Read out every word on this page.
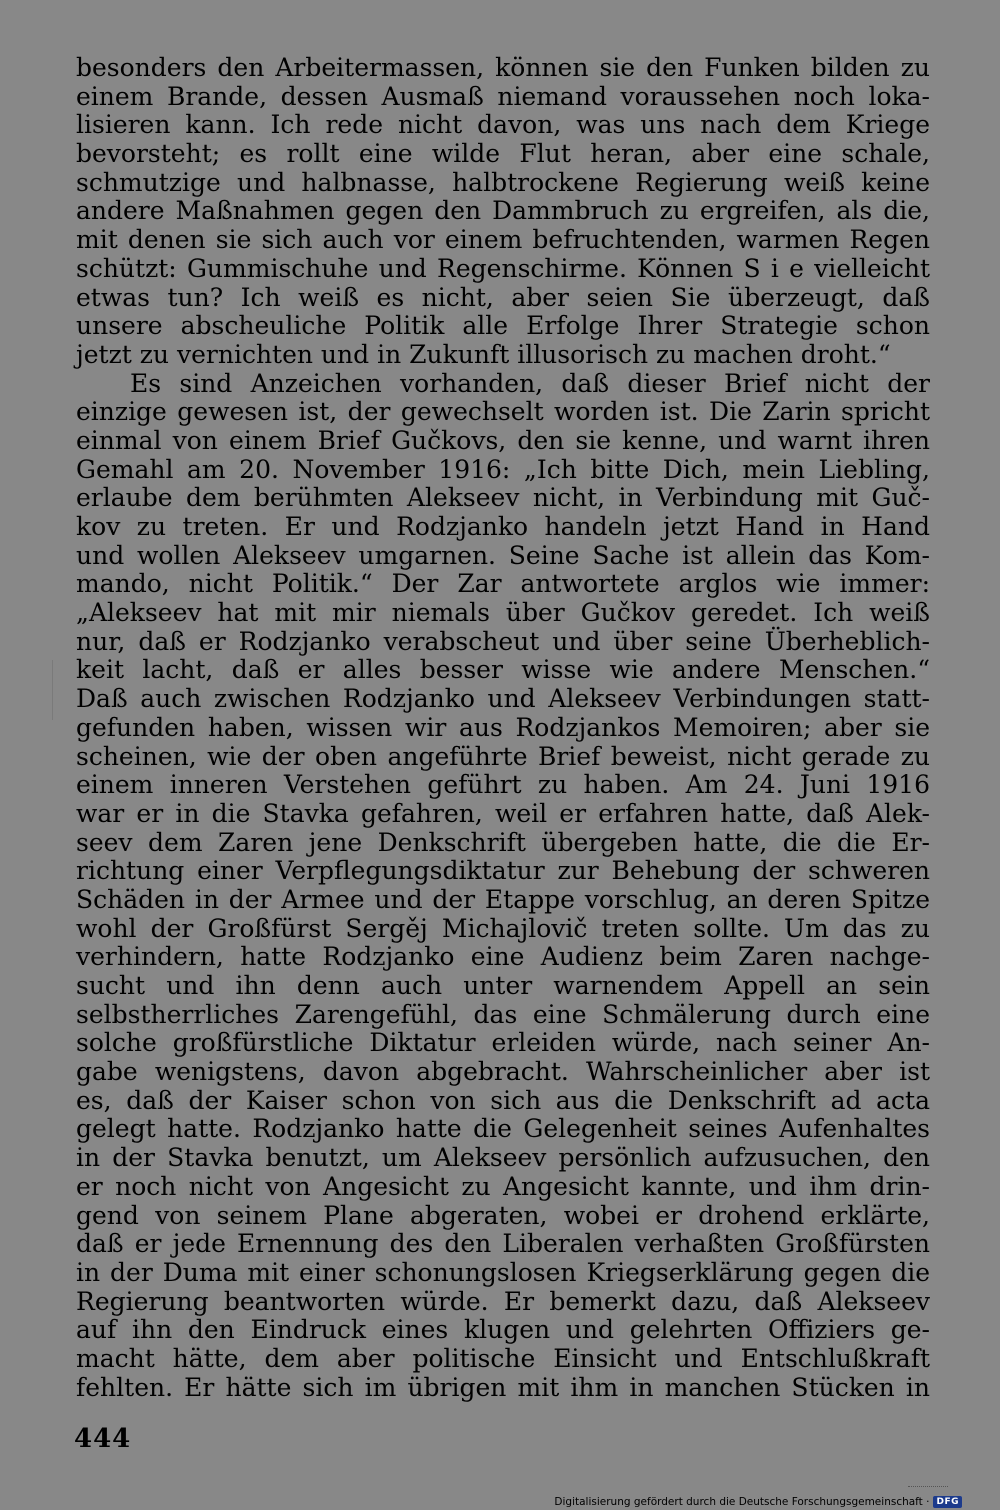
besonders den Arbeitermassen, können sie den Funken bilden zu
einem Brande, dessen Ausmaß niemand voraussehen noch loka-
lisieren kann. Ich rede nicht davon, was uns nach dem Kriege
bevorsteht; es rollt eine wilde Flut heran, aber eine schale,
schmutzige und halbnasse, halbtrockene Regierung weiß keine
andere Maßnahmen gegen den Dammbruch zu ergreifen, als die,
mit denen sie sich auch vor einem befruchtenden, warmen Regen
schützt: Gummischuhe und Regenschirme. Können S i e vielleicht
etwas tun? Ich weiß es nicht, aber seien Sie überzeugt, daß
unsere abscheuliche Politik alle Erfolge Ihrer Strategie schon
jetzt zu vernichten und in Zukunft illusorisch zu machen droht.“
Es sind Anzeichen vorhanden, daß dieser Brief nicht der
einzige gewesen ist, der gewechselt worden ist. Die Zarin spricht
einmal von einem Brief Gučkovs, den sie kenne, und warnt ihren
Gemahl am 20. November 1916: „Ich bitte Dich, mein Liebling,
erlaube dem berühmten Alekseev nicht, in Verbindung mit Guč-
kov zu treten. Er und Rodzjanko handeln jetzt Hand in Hand
und wollen Alekseev umgarnen. Seine Sache ist allein das Kom-
mando, nicht Politik.“ Der Zar antwortete arglos wie immer:
„Alekseev hat mit mir niemals über Gučkov geredet. Ich weiß
nur, daß er Rodzjanko verabscheut und über seine Überheblich-
keit lacht, daß er alles besser wisse wie andere Menschen.“
Daß auch zwischen Rodzjanko und Alekseev Verbindungen statt-
gefunden haben, wissen wir aus Rodzjankos Memoiren; aber sie
scheinen, wie der oben angeführte Brief beweist, nicht gerade zu
einem inneren Verstehen geführt zu haben. Am 24. Juni 1916
war er in die Stavka gefahren, weil er erfahren hatte, daß Alek-
seev dem Zaren jene Denkschrift übergeben hatte, die die Er-
richtung einer Verpflegungsdiktatur zur Behebung der schweren
Schäden in der Armee und der Etappe vorschlug, an deren Spitze
wohl der Großfürst Sergěj Michajlovič treten sollte. Um das zu
verhindern, hatte Rodzjanko eine Audienz beim Zaren nachge-
sucht und ihn denn auch unter warnendem Appell an sein
selbstherrliches Zarengefühl, das eine Schmälerung durch eine
solche großfürstliche Diktatur erleiden würde, nach seiner An-
gabe wenigstens, davon abgebracht. Wahrscheinlicher aber ist
es, daß der Kaiser schon von sich aus die Denkschrift ad acta
gelegt hatte. Rodzjanko hatte die Gelegenheit seines Aufenhaltes
in der Stavka benutzt, um Alekseev persönlich aufzusuchen, den
er noch nicht von Angesicht zu Angesicht kannte, und ihm drin-
gend von seinem Plane abgeraten, wobei er drohend erklärte,
daß er jede Ernennung des den Liberalen verhaßten Großfürsten
in der Duma mit einer schonungslosen Kriegserklärung gegen die
Regierung beantworten würde. Er bemerkt dazu, daß Alekseev
auf ihn den Eindruck eines klugen und gelehrten Offiziers ge-
macht hätte, dem aber politische Einsicht und Entschlußkraft
fehlten. Er hätte sich im übrigen mit ihm in manchen Stücken in
444
Digitalisierung gefördert durch die Deutsche Forschungsgemeinschaft · DFG
